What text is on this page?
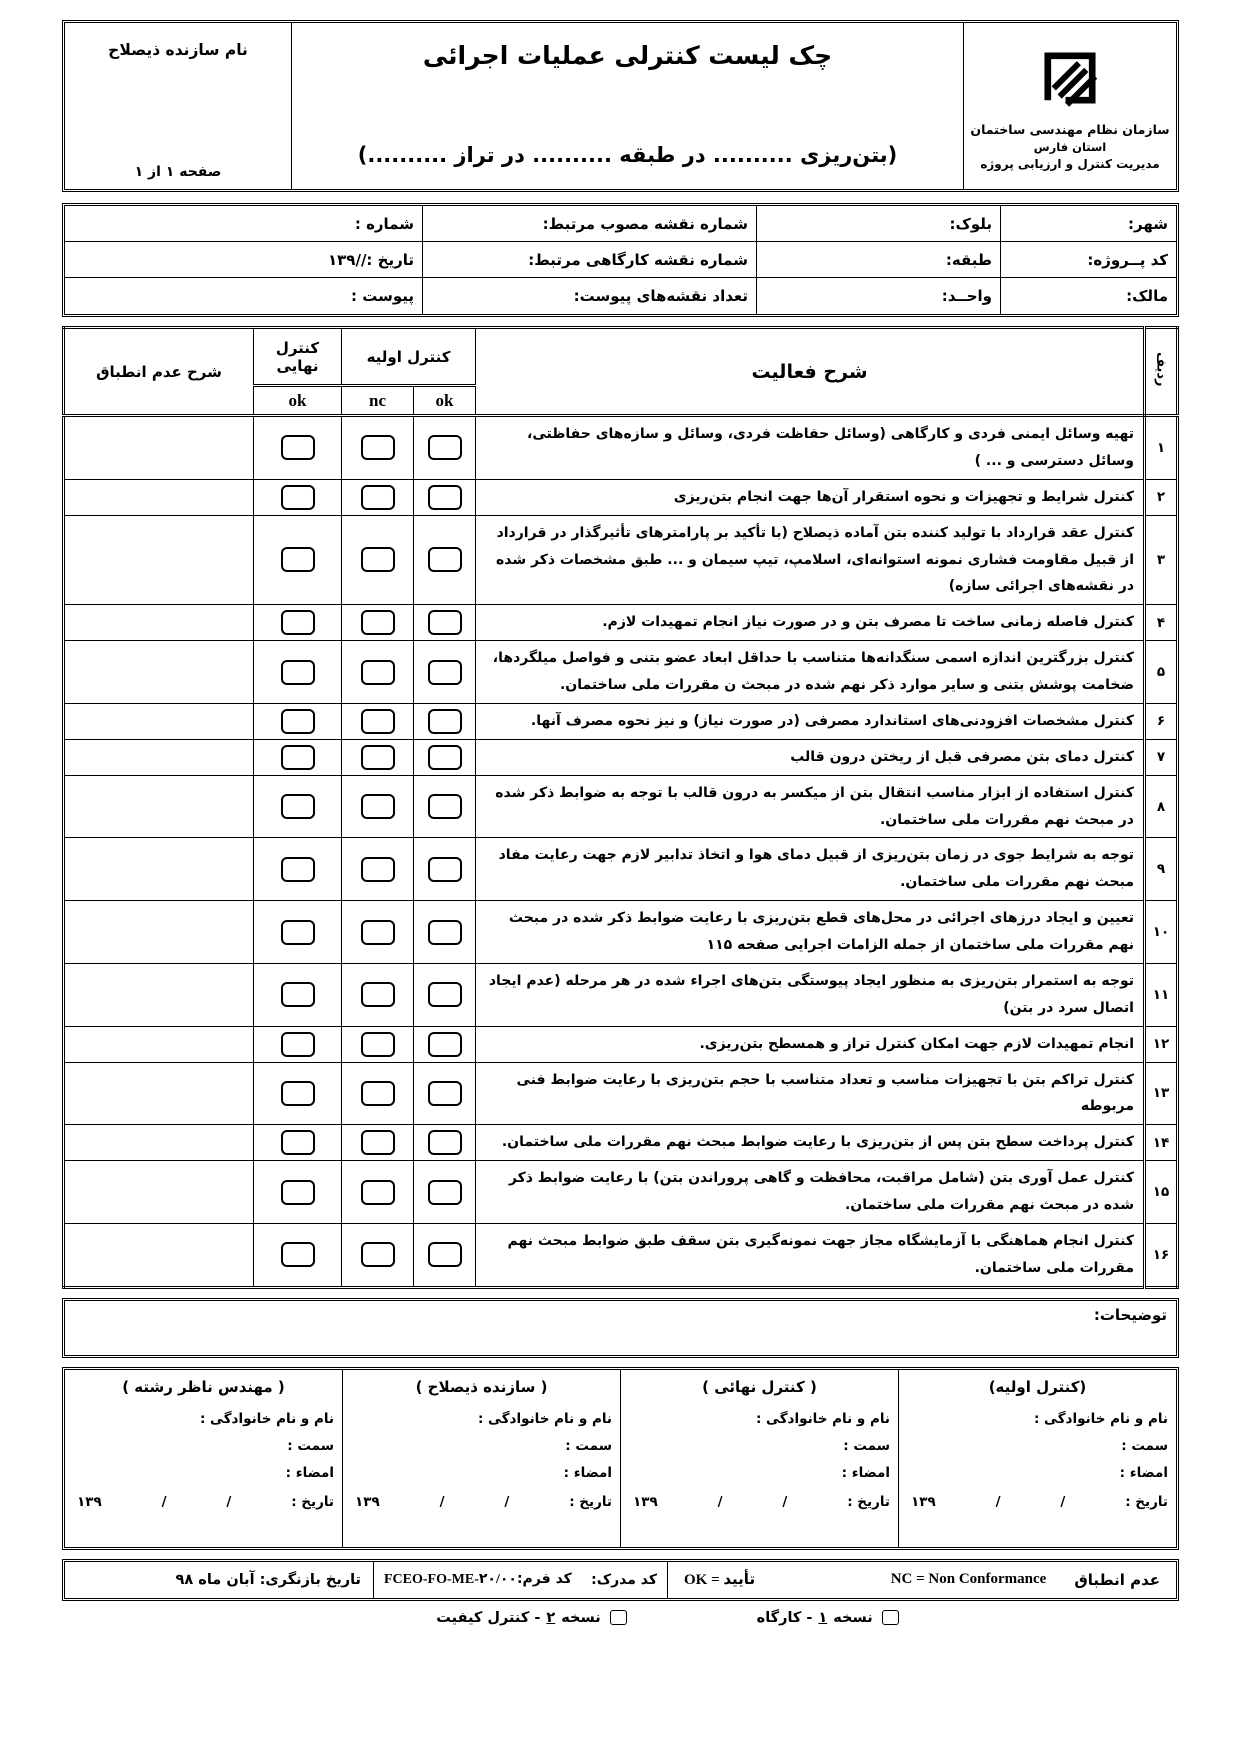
سازمان نظام مهندسی ساختمان
استان فارس
مدیریت کنترل و ارزیابی پروژه
چک لیست کنترلی عملیات اجرائی
(بتن‌ریزی .......... در طبقه .......... در تراز ..........)
نام سازنده ذیصلاح
صفحه ۱ از ۱
شهر:
بلوک:
شماره نقشه مصوب مرتبط:
شماره :
کد پــروژه:
طبقه:
شماره نقشه کارگاهی مرتبط:
تاریخ :
/
/
۱۳۹
مالک:
واحــد:
تعداد نقشه‌های پیوست:
پیوست :
ردیف	شرح فعالیت	کنترل اولیه		کنترل نهایی	شرح عدم انطباق
		ok	nc	ok	
۱	تهیه وسائل ایمنی فردی و کارگاهی (وسائل حفاظت فردی، وسائل و سازه‌های حفاظتی، وسائل دسترسی و ... )				
۲	کنترل شرایط و تجهیزات و نحوه استقرار آن‌ها جهت انجام بتن‌ریزی				
۳	کنترل عقد قرارداد با تولید کننده بتن آماده ذیصلاح (با تأکید بر پارامترهای تأثیرگذار در قرارداد از قبیل مقاومت فشاری نمونه استوانه‌ای، اسلامپ، تیپ سیمان و ... طبق مشخصات ذکر شده در نقشه‌های اجرائی سازه)				
۴	کنترل فاصله زمانی ساخت تا مصرف بتن و در صورت نیاز انجام تمهیدات لازم.				
۵	کنترل بزرگترین اندازه اسمی سنگدانه‌ها متناسب با حداقل ابعاد عضو بتنی و فواصل میلگردها، ضخامت پوشش بتنی و سایر موارد ذکر نهم شده در مبحث ن مقررات ملی ساختمان.				
۶	کنترل مشخصات افزودنی‌های استاندارد مصرفی (در صورت نیاز) و نیز نحوه مصرف آنها.				
۷	کنترل دمای بتن مصرفی قبل از ریختن درون قالب				
۸	کنترل استفاده از ابزار مناسب انتقال بتن از میکسر به درون قالب با توجه به ضوابط ذکر شده در مبحث نهم مقررات ملی ساختمان.				
۹	توجه به شرایط جوی در زمان بتن‌ریزی از قبیل دمای هوا و اتخاذ تدابیر لازم جهت رعایت مفاد مبحث نهم مقررات ملی ساختمان.				
۱۰	تعیین و ایجاد درزهای اجرائی در محل‌های قطع بتن‌ریزی با رعایت ضوابط ذکر شده در مبحث نهم مقررات ملی ساختمان از جمله الزامات اجرایی صفحه ۱۱۵				
۱۱	توجه به استمرار بتن‌ریزی به منظور ایجاد پیوستگی بتن‌های اجراء شده در هر مرحله (عدم ایجاد اتصال سرد در بتن)				
۱۲	انجام تمهیدات لازم جهت امکان کنترل تراز و همسطح بتن‌ریزی.				
۱۳	کنترل تراکم بتن با تجهیزات مناسب و تعداد متناسب با حجم بتن‌ریزی با رعایت ضوابط فنی مربوطه				
۱۴	کنترل پرداخت سطح بتن پس از بتن‌ریزی با رعایت ضوابط مبحث نهم مقررات ملی ساختمان.				
۱۵	کنترل عمل آوری بتن (شامل مراقبت، محافظت و گاهی پروراندن بتن) با رعایت ضوابط ذکر شده در مبحث نهم مقررات ملی ساختمان.				
۱۶	کنترل انجام هماهنگی با آزمایشگاه مجاز جهت نمونه‌گیری بتن سقف طبق ضوابط مبحث نهم مقررات ملی ساختمان.				
توضیحات:
(کنترل اولیه)
نام و نام خانوادگی :
سمت :
امضاء :
تاریخ :
/
/
۱۳۹
( کنترل نهائی )
نام و نام خانوادگی :
سمت :
امضاء :
تاریخ :
/
/
۱۳۹
( سازنده ذیصلاح )
نام و نام خانوادگی :
سمت :
امضاء :
تاریخ :
/
/
۱۳۹
( مهندس ناظر رشته )
نام و نام خانوادگی :
سمت :
امضاء :
تاریخ :
/
/
۱۳۹
عدم انطباق
NC = Non Conformance
تأیید = OK
کد مدرک:
کد فرم:FCEO-FO-ME-۲۰/۰۰
تاریخ بازنگری: آبان ماه ۹۸
نسخه
۱
- کارگاه
نسخه
۲
- کنترل کیفیت
